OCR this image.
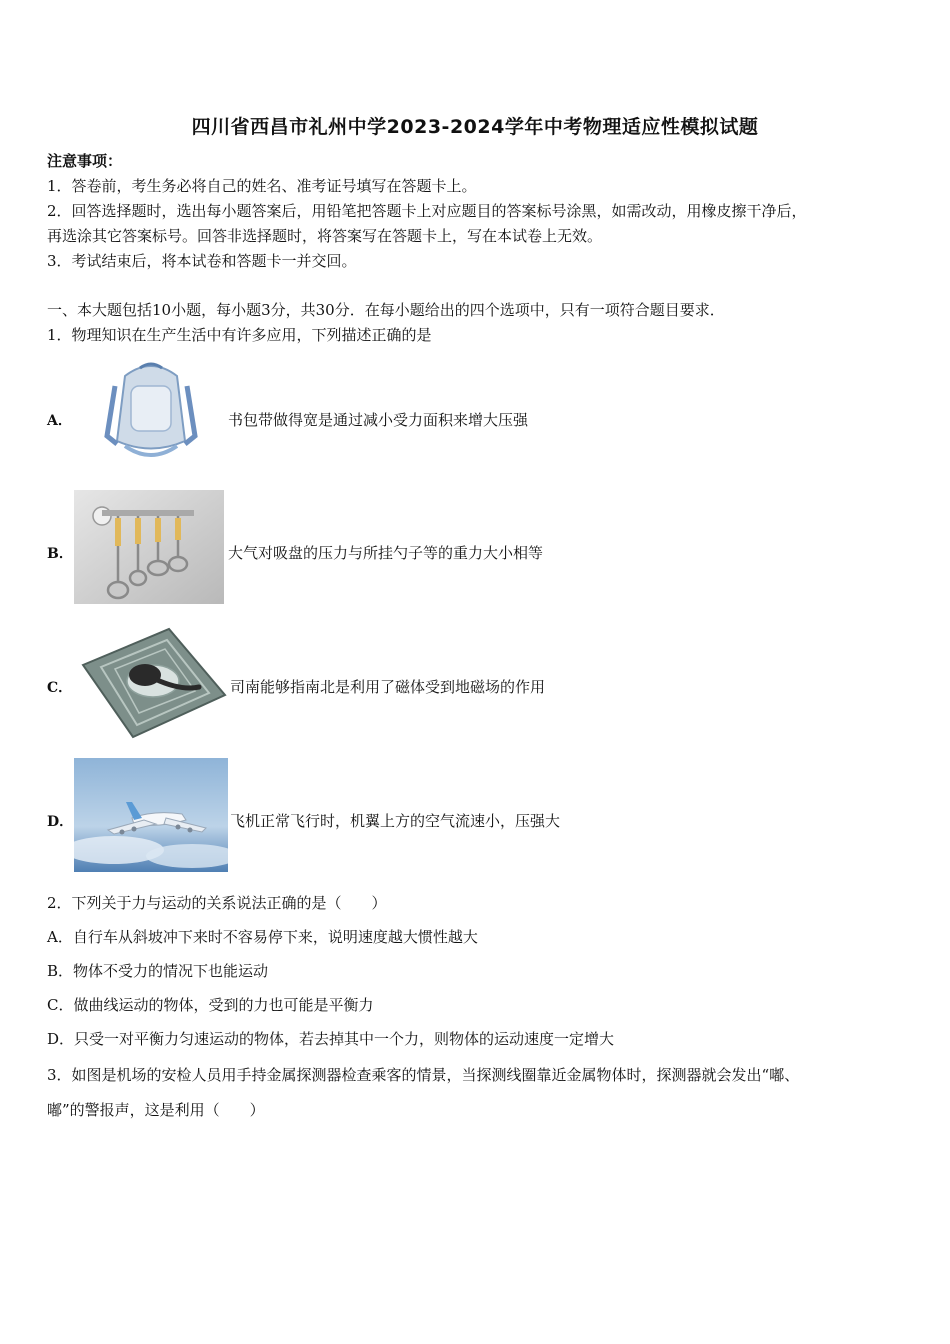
四川省西昌市礼州中学2023-2024学年中考物理适应性模拟试题
注意事项：
1．答卷前，考生务必将自己的姓名、准考证号填写在答题卡上。
2．回答选择题时，选出每小题答案后，用铅笔把答题卡上对应题目的答案标号涂黑，如需改动，用橡皮擦干净后，
再选涂其它答案标号。回答非选择题时，将答案写在答题卡上，写在本试卷上无效。
3．考试结束后，将本试卷和答题卡一并交回。
一、本大题包括10小题，每小题3分，共30分．在每小题给出的四个选项中，只有一项符合题目要求．
1．物理知识在生产生活中有许多应用，下列描述正确的是
A．	书包带做得宽是通过减小受力面积来增大压强
B．	大气对吸盘的压力与所挂勺子等的重力大小相等
C．	司南能够指南北是利用了磁体受到地磁场的作用
D．	飞机正常飞行时，机翼上方的空气流速小，压强大
2．下列关于力与运动的关系说法正确的是（　　）
A．自行车从斜坡冲下来时不容易停下来，说明速度越大惯性越大
B．物体不受力的情况下也能运动
C．做曲线运动的物体，受到的力也可能是平衡力
D．只受一对平衡力匀速运动的物体，若去掉其中一个力，则物体的运动速度一定增大
3．如图是机场的安检人员用手持金属探测器检查乘客的情景，当探测线圈靠近金属物体时，探测器就会发出“嘟、
嘟”的警报声，这是利用（　　）
